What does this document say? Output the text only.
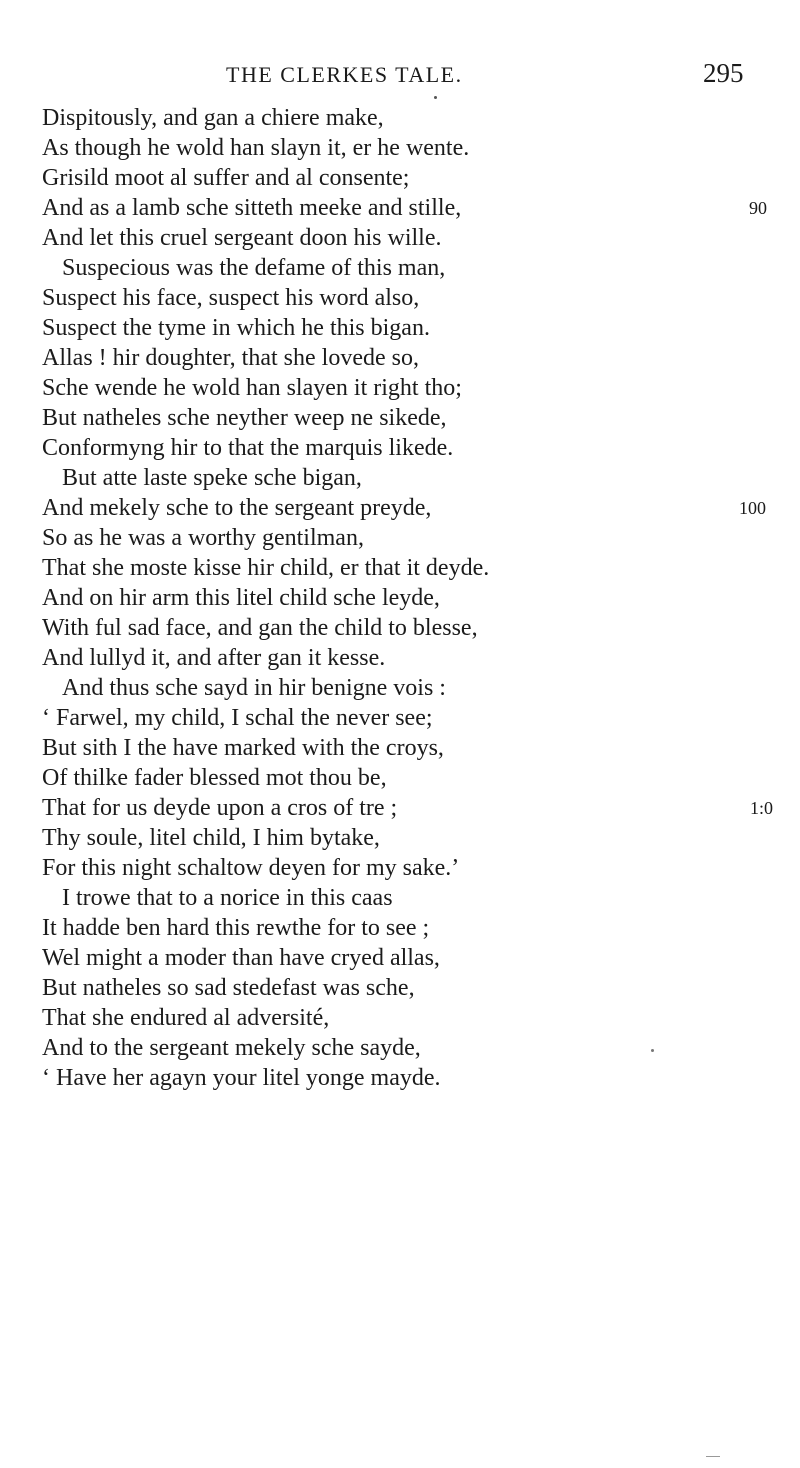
THE CLERKES TALE.	295
Dispitously, and gan a chiere make,
As though he wold han slayn it, er he wente.
Grisild moot al suffer and al consente;
And as a lamb sche sitteth meeke and stille,
And let this cruel sergeant doon his wille.
Suspecious was the defame of this man,
Suspect his face, suspect his word also,
Suspect the tyme in which he this bigan.
Allas ! hir doughter, that she lovede so,
Sche wende he wold han slayen it right tho;
But natheles sche neyther weep ne sikede,
Conformyng hir to that the marquis likede.
But atte laste speke sche bigan,
And mekely sche to the sergeant preyde,
So as he was a worthy gentilman,
That she moste kisse hir child, er that it deyde.
And on hir arm this litel child sche leyde,
With ful sad face, and gan the child to blesse,
And lullyd it, and after gan it kesse.
And thus sche sayd in hir benigne vois :
‘ Farwel, my child, I schal the never see;
But sith I the have marked with the croys,
Of thilke fader blessed mot thou be,
That for us deyde upon a cros of tre ;
Thy soule, litel child, I him bytake,
For this night schaltow deyen for my sake.’
I trowe that to a norice in this caas
It hadde ben hard this rewthe for to see ;
Wel might a moder than have cryed allas,
But natheles so sad stedefast was sche,
That she endured al adversité,
And to the sergeant mekely sche sayde,
‘ Have her agayn your litel yonge mayde.
90
100
1:0
